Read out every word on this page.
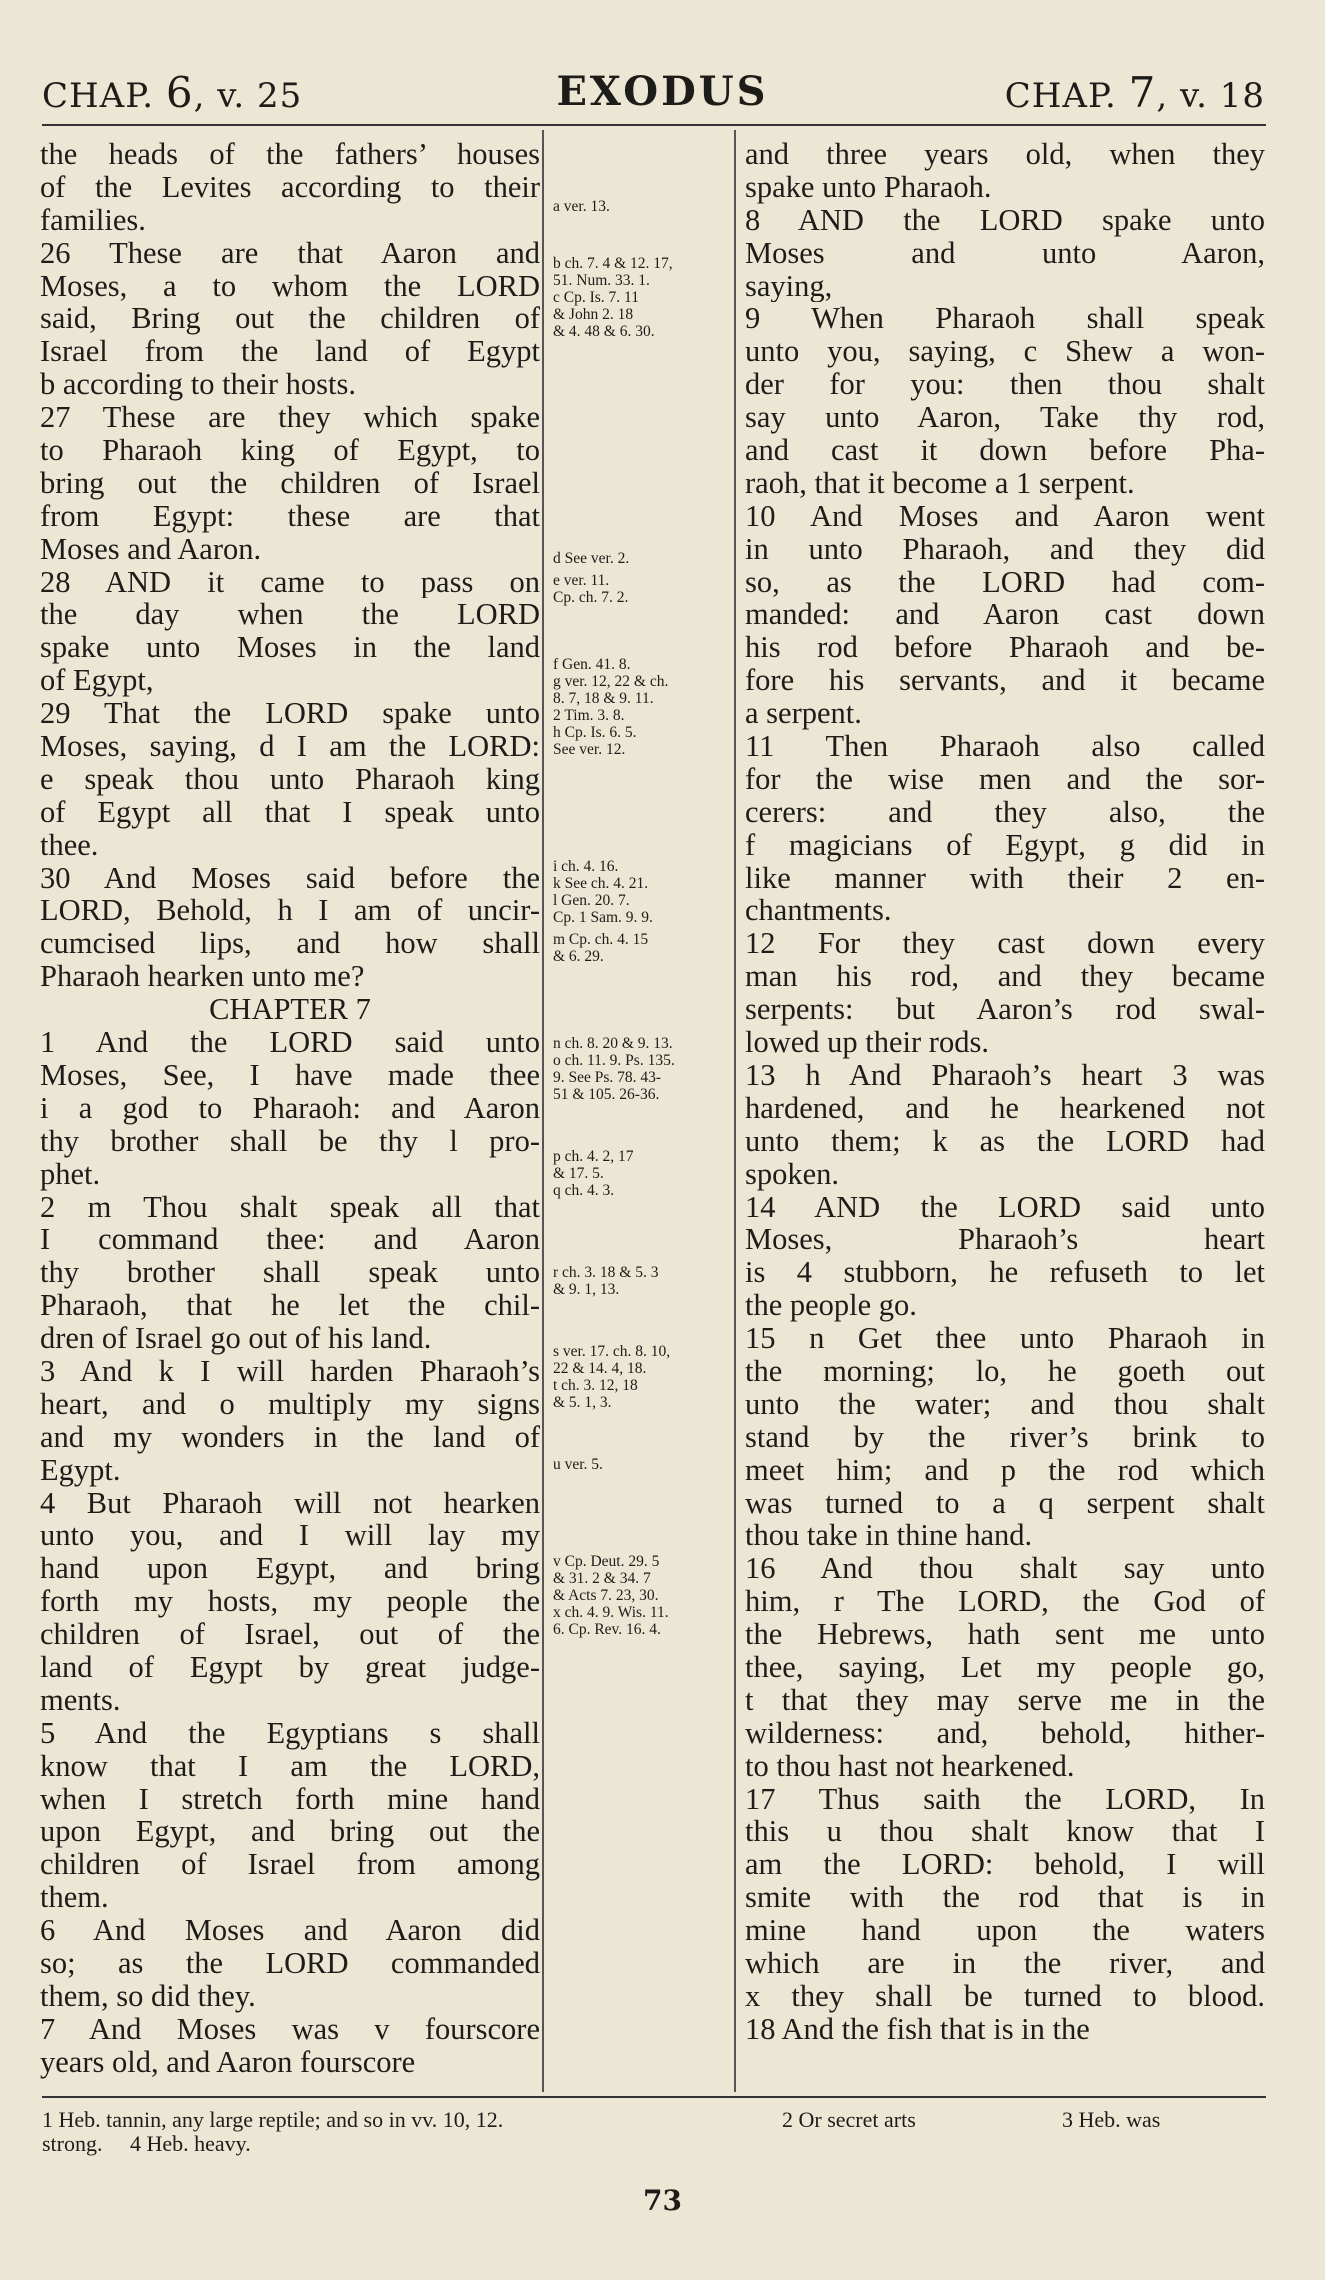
CHAP. 6, v. 25	EXODUS	CHAP. 7, v. 18
the heads of the fathers’ houses
of the Levites according to their
families.
26 These are that Aaron and
Moses, a to whom the LORD
said, Bring out the children of
Israel from the land of Egypt
b according to their hosts.
27 These are they which spake
to Pharaoh king of Egypt, to
bring out the children of Israel
from Egypt: these are that
Moses and Aaron.
28 AND it came to pass on
the day when the LORD
spake unto Moses in the land
of Egypt,
29 That the LORD spake unto
Moses, saying, d I am the LORD:
e speak thou unto Pharaoh king
of Egypt all that I speak unto
thee.
30 And Moses said before the
LORD, Behold, h I am of uncir-
cumcised lips, and how shall
Pharaoh hearken unto me?
CHAPTER 7
1 And the LORD said unto
Moses, See, I have made thee
i a god to Pharaoh: and Aaron
thy brother shall be thy l pro-
phet.
2 m Thou shalt speak all that
I command thee: and Aaron
thy brother shall speak unto
Pharaoh, that he let the chil-
dren of Israel go out of his land.
3 And k I will harden Pharaoh’s
heart, and o multiply my signs
and my wonders in the land of
Egypt.
4 But Pharaoh will not hearken
unto you, and I will lay my
hand upon Egypt, and bring
forth my hosts, my people the
children of Israel, out of the
land of Egypt by great judge-
ments.
5 And the Egyptians s shall
know that I am the LORD,
when I stretch forth mine hand
upon Egypt, and bring out the
children of Israel from among
them.
6 And Moses and Aaron did
so; as the LORD commanded
them, so did they.
7 And Moses was v fourscore
years old, and Aaron fourscore
a ver. 13.
b ch. 7. 4 & 12. 17,
51. Num. 33. 1.
c Cp. Is. 7. 11
& John 2. 18
& 4. 48 & 6. 30.
d See ver. 2.
e ver. 11.
Cp. ch. 7. 2.
f Gen. 41. 8.
g ver. 12, 22 & ch.
8. 7, 18 & 9. 11.
2 Tim. 3. 8.
h Cp. Is. 6. 5.
See ver. 12.
i ch. 4. 16.
k See ch. 4. 21.
l Gen. 20. 7.
Cp. 1 Sam. 9. 9.
m Cp. ch. 4. 15
& 6. 29.
n ch. 8. 20 & 9. 13.
o ch. 11. 9. Ps. 135.
9. See Ps. 78. 43-
51 & 105. 26-36.
p ch. 4. 2, 17
& 17. 5.
q ch. 4. 3.
r ch. 3. 18 & 5. 3
& 9. 1, 13.
s ver. 17. ch. 8. 10,
22 & 14. 4, 18.
t ch. 3. 12, 18
& 5. 1, 3.
u ver. 5.
v Cp. Deut. 29. 5
& 31. 2 & 34. 7
& Acts 7. 23, 30.
x ch. 4. 9. Wis. 11.
6. Cp. Rev. 16. 4.
and three years old, when they
spake unto Pharaoh.
8 AND the LORD spake unto
Moses and unto Aaron,
saying,
9 When Pharaoh shall speak
unto you, saying, c Shew a won-
der for you: then thou shalt
say unto Aaron, Take thy rod,
and cast it down before Pha-
raoh, that it become a 1 serpent.
10 And Moses and Aaron went
in unto Pharaoh, and they did
so, as the LORD had com-
manded: and Aaron cast down
his rod before Pharaoh and be-
fore his servants, and it became
a serpent.
11 Then Pharaoh also called
for the wise men and the sor-
cerers: and they also, the
f magicians of Egypt, g did in
like manner with their 2 en-
chantments.
12 For they cast down every
man his rod, and they became
serpents: but Aaron’s rod swal-
lowed up their rods.
13 h And Pharaoh’s heart 3 was
hardened, and he hearkened not
unto them; k as the LORD had
spoken.
14 AND the LORD said unto
Moses, Pharaoh’s heart
is 4 stubborn, he refuseth to let
the people go.
15 n Get thee unto Pharaoh in
the morning; lo, he goeth out
unto the water; and thou shalt
stand by the river’s brink to
meet him; and p the rod which
was turned to a q serpent shalt
thou take in thine hand.
16 And thou shalt say unto
him, r The LORD, the God of
the Hebrews, hath sent me unto
thee, saying, Let my people go,
t that they may serve me in the
wilderness: and, behold, hither-
to thou hast not hearkened.
17 Thus saith the LORD, In
this u thou shalt know that I
am the LORD: behold, I will
smite with the rod that is in
mine hand upon the waters
which are in the river, and
x they shall be turned to blood.
18 And the fish that is in the
1 Heb. tannin, any large reptile; and so in vv. 10, 12.	2 Or secret arts	3 Heb. was
strong. 4 Heb. heavy.
73
